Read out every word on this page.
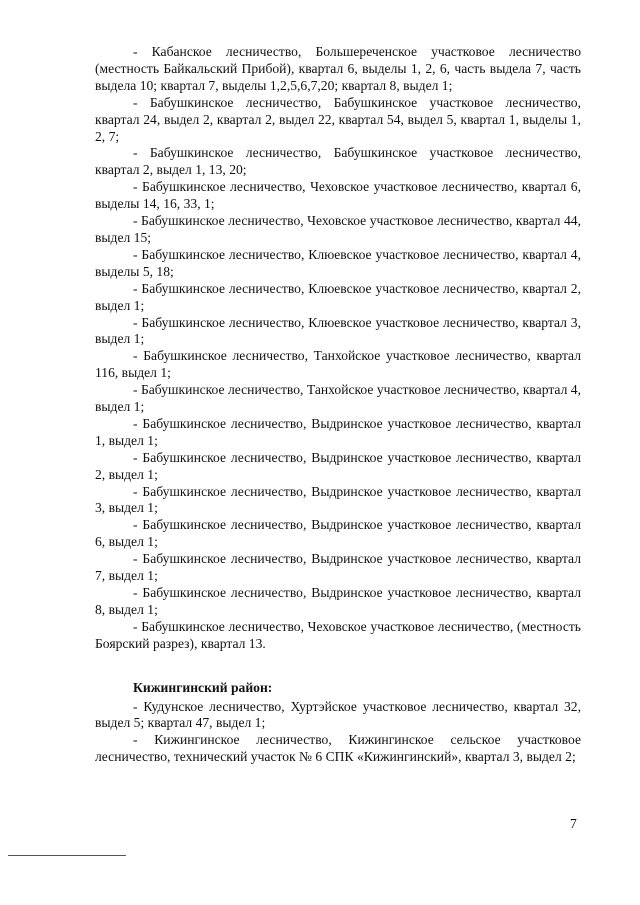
- Кабанское лесничество, Большереченское участковое лесничество (местность Байкальский Прибой), квартал 6, выделы 1, 2, 6, часть выдела 7, часть выдела 10; квартал 7, выделы 1,2,5,6,7,20; квартал 8, выдел 1;

- Бабушкинское лесничество, Бабушкинское участковое лесничество, квартал 24, выдел 2, квартал 2, выдел 22, квартал 54, выдел 5, квартал 1, выделы 1, 2, 7;

- Бабушкинское лесничество, Бабушкинское участковое лесничество, квартал 2, выдел 1, 13, 20;

- Бабушкинское лесничество, Чеховское участковое лесничество, квартал 6, выделы 14, 16, 33, 1;

- Бабушкинское лесничество, Чеховское участковое лесничество, квартал 44, выдел 15;

- Бабушкинское лесничество, Клюевское участковое лесничество, квартал 4, выделы 5, 18;

- Бабушкинское лесничество, Клюевское участковое лесничество, квартал 2, выдел 1;

- Бабушкинское лесничество, Клюевское участковое лесничество, квартал 3, выдел 1;

- Бабушкинское лесничество, Танхойское участковое лесничество, квартал 116, выдел 1;

- Бабушкинское лесничество, Танхойское участковое лесничество, квартал 4, выдел 1;

- Бабушкинское лесничество, Выдринское участковое лесничество, квартал 1, выдел 1;

- Бабушкинское лесничество, Выдринское участковое лесничество, квартал 2, выдел 1;

- Бабушкинское лесничество, Выдринское участковое лесничество, квартал 3, выдел 1;

- Бабушкинское лесничество, Выдринское участковое лесничество, квартал 6, выдел 1;

- Бабушкинское лесничество, Выдринское участковое лесничество, квартал 7, выдел 1;

- Бабушкинское лесничество, Выдринское участковое лесничество, квартал 8, выдел 1;

- Бабушкинское лесничество, Чеховское участковое лесничество, (местность Боярский разрез), квартал 13.

Кижингинский район:

- Кудунское лесничество, Хуртэйское участковое лесничество, квартал 32, выдел 5; квартал 47, выдел 1;

- Кижингинское лесничество, Кижингинское сельское участковое лесничество, технический участок № 6 СПК «Кижингинский», квартал 3, выдел 2;

7
